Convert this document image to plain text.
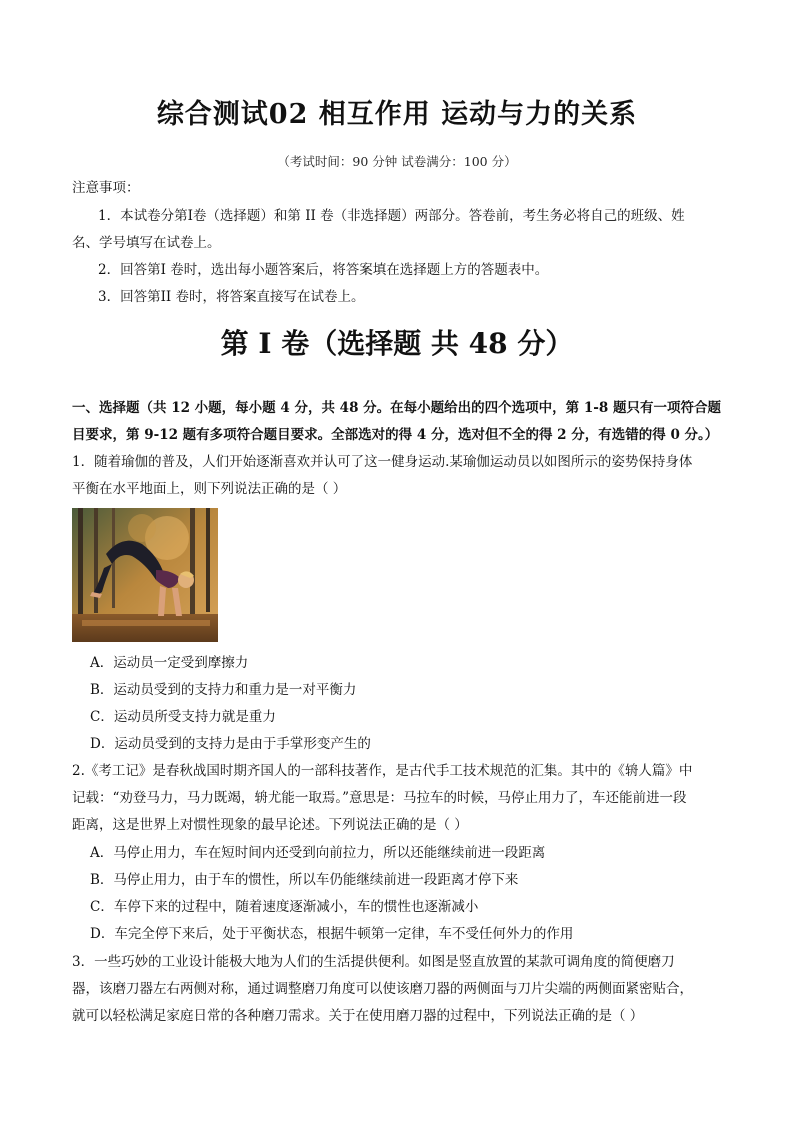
综合测试02 相互作用 运动与力的关系
（考试时间：90 分钟 试卷满分：100 分）
注意事项：
1．本试卷分第I卷（选择题）和第 II 卷（非选择题）两部分。答卷前，考生务必将自己的班级、姓
名、学号填写在试卷上。
2．回答第I 卷时，选出每小题答案后，将答案填在选择题上方的答题表中。
3．回答第II 卷时，将答案直接写在试卷上。
第 I 卷（选择题 共 48 分）
一、选择题（共 12 小题，每小题 4 分，共 48 分。在每小题给出的四个选项中，第 1-8 题只有一项符合题
目要求，第 9-12 题有多项符合题目要求。全部选对的得 4 分，选对但不全的得 2 分，有选错的得 0 分。）
1．随着瑜伽的普及，人们开始逐渐喜欢并认可了这一健身运动.某瑜伽运动员以如图所示的姿势保持身体
平衡在水平地面上，则下列说法正确的是（ ）
A．运动员一定受到摩擦力
B．运动员受到的支持力和重力是一对平衡力
C．运动员所受支持力就是重力
D．运动员受到的支持力是由于手掌形变产生的
2.《考工记》是春秋战国时期齐国人的一部科技著作，是古代手工技术规范的汇集。其中的《辀人篇》中
记载：“劝登马力，马力既竭，辀尤能一取焉。”意思是：马拉车的时候，马停止用力了，车还能前进一段
距离，这是世界上对惯性现象的最早论述。下列说法正确的是（ ）
A．马停止用力，车在短时间内还受到向前拉力，所以还能继续前进一段距离
B．马停止用力，由于车的惯性，所以车仍能继续前进一段距离才停下来
C．车停下来的过程中，随着速度逐渐减小，车的惯性也逐渐减小
D．车完全停下来后，处于平衡状态，根据牛顿第一定律，车不受任何外力的作用
3．一些巧妙的工业设计能极大地为人们的生活提供便利。如图是竖直放置的某款可调角度的简便磨刀
器，该磨刀器左右两侧对称，通过调整磨刀角度可以使该磨刀器的两侧面与刀片尖端的两侧面紧密贴合，
就可以轻松满足家庭日常的各种磨刀需求。关于在使用磨刀器的过程中，下列说法正确的是（ ）
